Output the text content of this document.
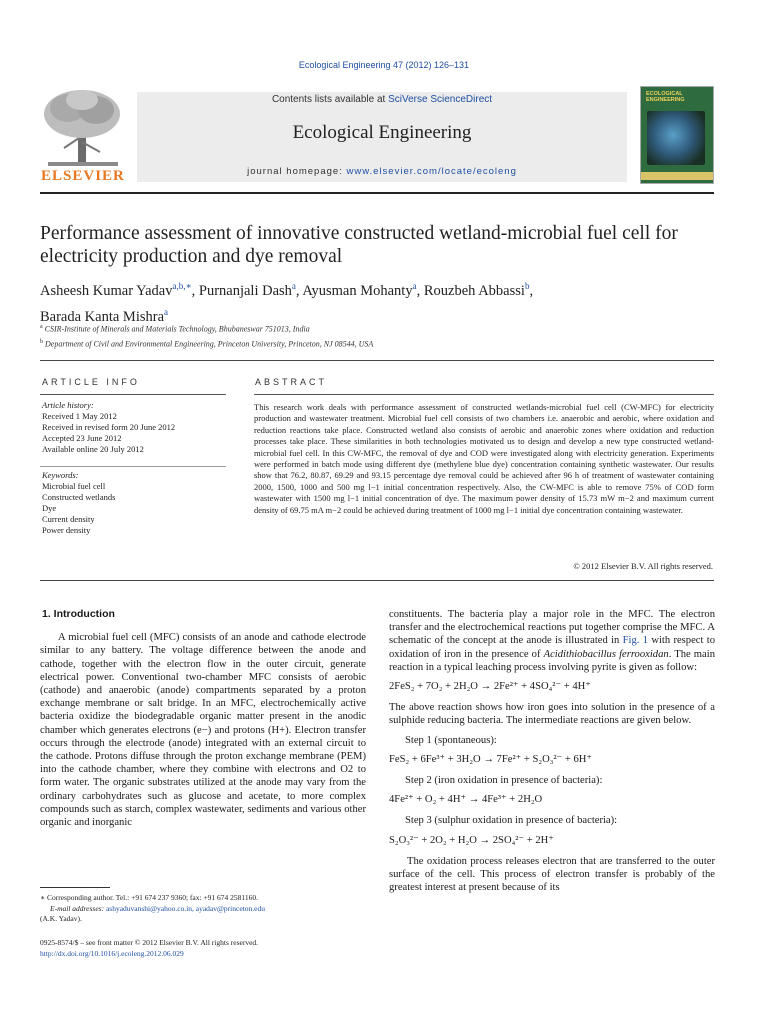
Ecological Engineering 47 (2012) 126–131
ELSEVIER
Contents lists available at SciVerse ScienceDirect
Ecological Engineering
journal homepage: www.elsevier.com/locate/ecoleng
ECOLOGICAL ENGINEERING
Performance assessment of innovative constructed wetland-microbial fuel cell for electricity production and dye removal
Asheesh Kumar Yadav$^{a,b,∗}$, Purnanjali Dash$^a$, Ayusman Mohanty$^a$, Rouzbeh Abbassi$^b$,
Barada Kanta Mishra$^a$
$^a$ CSIR-Institute of Minerals and Materials Technology, Bhubaneswar 751013, India
$^b$ Department of Civil and Environmental Engineering, Princeton University, Princeton, NJ 08544, USA
ARTICLE INFO
Article history:
Received 1 May 2012
Received in revised form 20 June 2012
Accepted 23 June 2012
Available online 20 July 2012
Keywords:
Microbial fuel cell
Constructed wetlands
Dye
Current density
Power density
ABSTRACT
This research work deals with performance assessment of constructed wetlands-microbial fuel cell (CW-MFC) for electricity production and wastewater treatment. Microbial fuel cell consists of two chambers i.e. anaerobic and aerobic, where oxidation and reduction reactions take place. Constructed wetland also consists of aerobic and anaerobic zones where oxidation and reduction processes take place. These similarities in both technologies motivated us to design and develop a new type constructed wetland-microbial fuel cell. In this CW-MFC, the removal of dye and COD were investigated along with electricity generation. Experiments were performed in batch mode using different dye (methylene blue dye) concentration containing synthetic wastewater. Our results show that 76.2, 80.87, 69.29 and 93.15 percentage dye removal could be achieved after 96 h of treatment of wastewater containing 2000, 1500, 1000 and 500 mg l−1 initial concentration respectively. Also, the CW-MFC is able to remove 75% of COD form wastewater with 1500 mg l−1 initial concentration of dye. The maximum power density of 15.73 mW m−2 and maximum current density of 69.75 mA m−2 could be achieved during treatment of 1000 mg l−1 initial dye concentration containing wastewater.
© 2012 Elsevier B.V. All rights reserved.
1. Introduction
A microbial fuel cell (MFC) consists of an anode and cathode electrode similar to any battery. The voltage difference between the anode and cathode, together with the electron flow in the outer circuit, generate electrical power. Conventional two-chamber MFC consists of aerobic (cathode) and anaerobic (anode) compartments separated by a proton exchange membrane or salt bridge. In an MFC, electrochemically active bacteria oxidize the biodegradable organic matter present in the anodic chamber which generates electrons (e−) and protons (H+). Electron transfer occurs through the electrode (anode) integrated with an external circuit to the cathode. Protons diffuse through the proton exchange membrane (PEM) into the cathode chamber, where they combine with electrons and O2 to form water. The organic substrates utilized at the anode may vary from the ordinary carbohydrates such as glucose and acetate, to more complex compounds such as starch, complex wastewater, sediments and various other organic and inorganic
constituents. The bacteria play a major role in the MFC. The electron transfer and the electrochemical reactions put together comprise the MFC. A schematic of the concept at the anode is illustrated in Fig. 1 with respect to oxidation of iron in the presence of Acidithiobacillus ferrooxidan. The main reaction in a typical leaching process involving pyrite is given as follow:
2FeS₂ + 7O₂ + 2H₂O → 2Fe²⁺ + 4SO₄²⁻ + 4H⁺
The above reaction shows how iron goes into solution in the presence of a sulphide reducing bacteria. The intermediate reactions are given below.
Step 1 (spontaneous):
FeS₂ + 6Fe³⁺ + 3H₂O → 7Fe²⁺ + S₂O₃²⁻ + 6H⁺
Step 2 (iron oxidation in presence of bacteria):
4Fe²⁺ + O₂ + 4H⁺ → 4Fe³⁺ + 2H₂O
Step 3 (sulphur oxidation in presence of bacteria):
S₂O₃²⁻ + 2O₂ + H₂O → 2SO₄²⁻ + 2H⁺
The oxidation process releases electron that are transferred to the outer surface of the cell. This process of electron transfer is probably of the greatest interest at present because of its
∗ Corresponding author. Tel.: +91 674 237 9360; fax: +91 674 2581160.
E-mail addresses: ashyaduvanshi@yahoo.co.in, ayadav@princeton.edu
(A.K. Yadav).
0925-8574/$ – see front matter © 2012 Elsevier B.V. All rights reserved.
http://dx.doi.org/10.1016/j.ecoleng.2012.06.029
